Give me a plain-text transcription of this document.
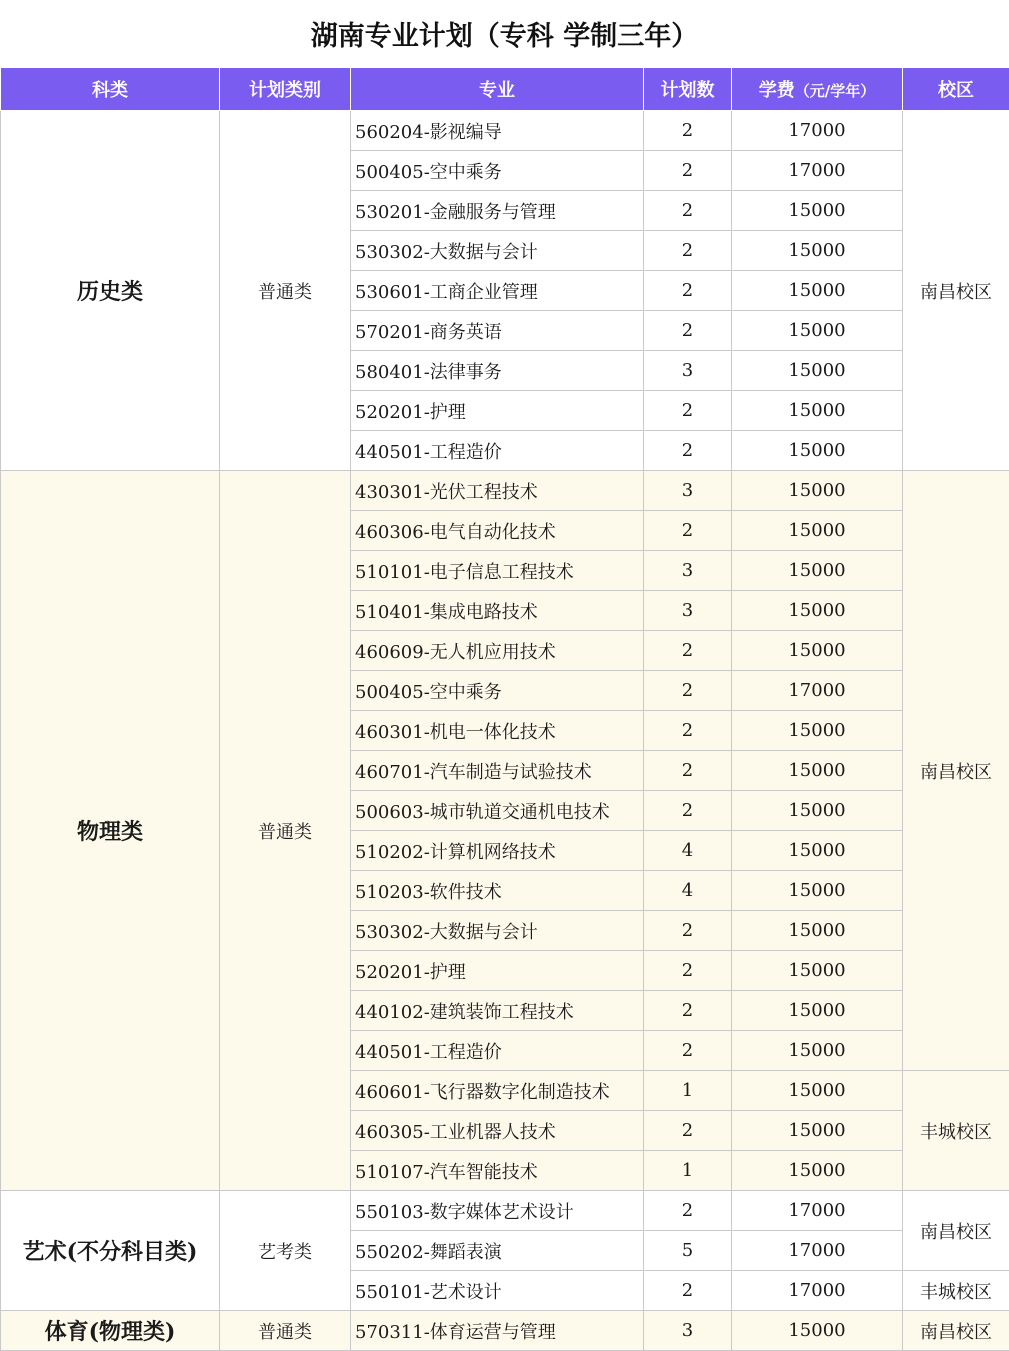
湖南专业计划（专科 学制三年）
科类	计划类别	专业	计划数	学费（元/学年）	校区
历史类	普通类	560204-影视编导	2	17000	南昌校区
		500405-空中乘务	2	17000	
		530201-金融服务与管理	2	15000	
		530302-大数据与会计	2	15000	
		530601-工商企业管理	2	15000	
		570201-商务英语	2	15000	
		580401-法律事务	3	15000	
		520201-护理	2	15000	
		440501-工程造价	2	15000	
物理类	普通类	430301-光伏工程技术	3	15000	南昌校区
		460306-电气自动化技术	2	15000	
		510101-电子信息工程技术	3	15000	
		510401-集成电路技术	3	15000	
		460609-无人机应用技术	2	15000	
		500405-空中乘务	2	17000	
		460301-机电一体化技术	2	15000	
		460701-汽车制造与试验技术	2	15000	
		500603-城市轨道交通机电技术	2	15000	
		510202-计算机网络技术	4	15000	
		510203-软件技术	4	15000	
		530302-大数据与会计	2	15000	
		520201-护理	2	15000	
		440102-建筑装饰工程技术	2	15000	
		440501-工程造价	2	15000	
		460601-飞行器数字化制造技术	1	15000	丰城校区
		460305-工业机器人技术	2	15000	
		510107-汽车智能技术	1	15000	
艺术(不分科目类)	艺考类	550103-数字媒体艺术设计	2	17000	南昌校区
		550202-舞蹈表演	5	17000	
		550101-艺术设计	2	17000	丰城校区
体育(物理类)	普通类	570311-体育运营与管理	3	15000	南昌校区
